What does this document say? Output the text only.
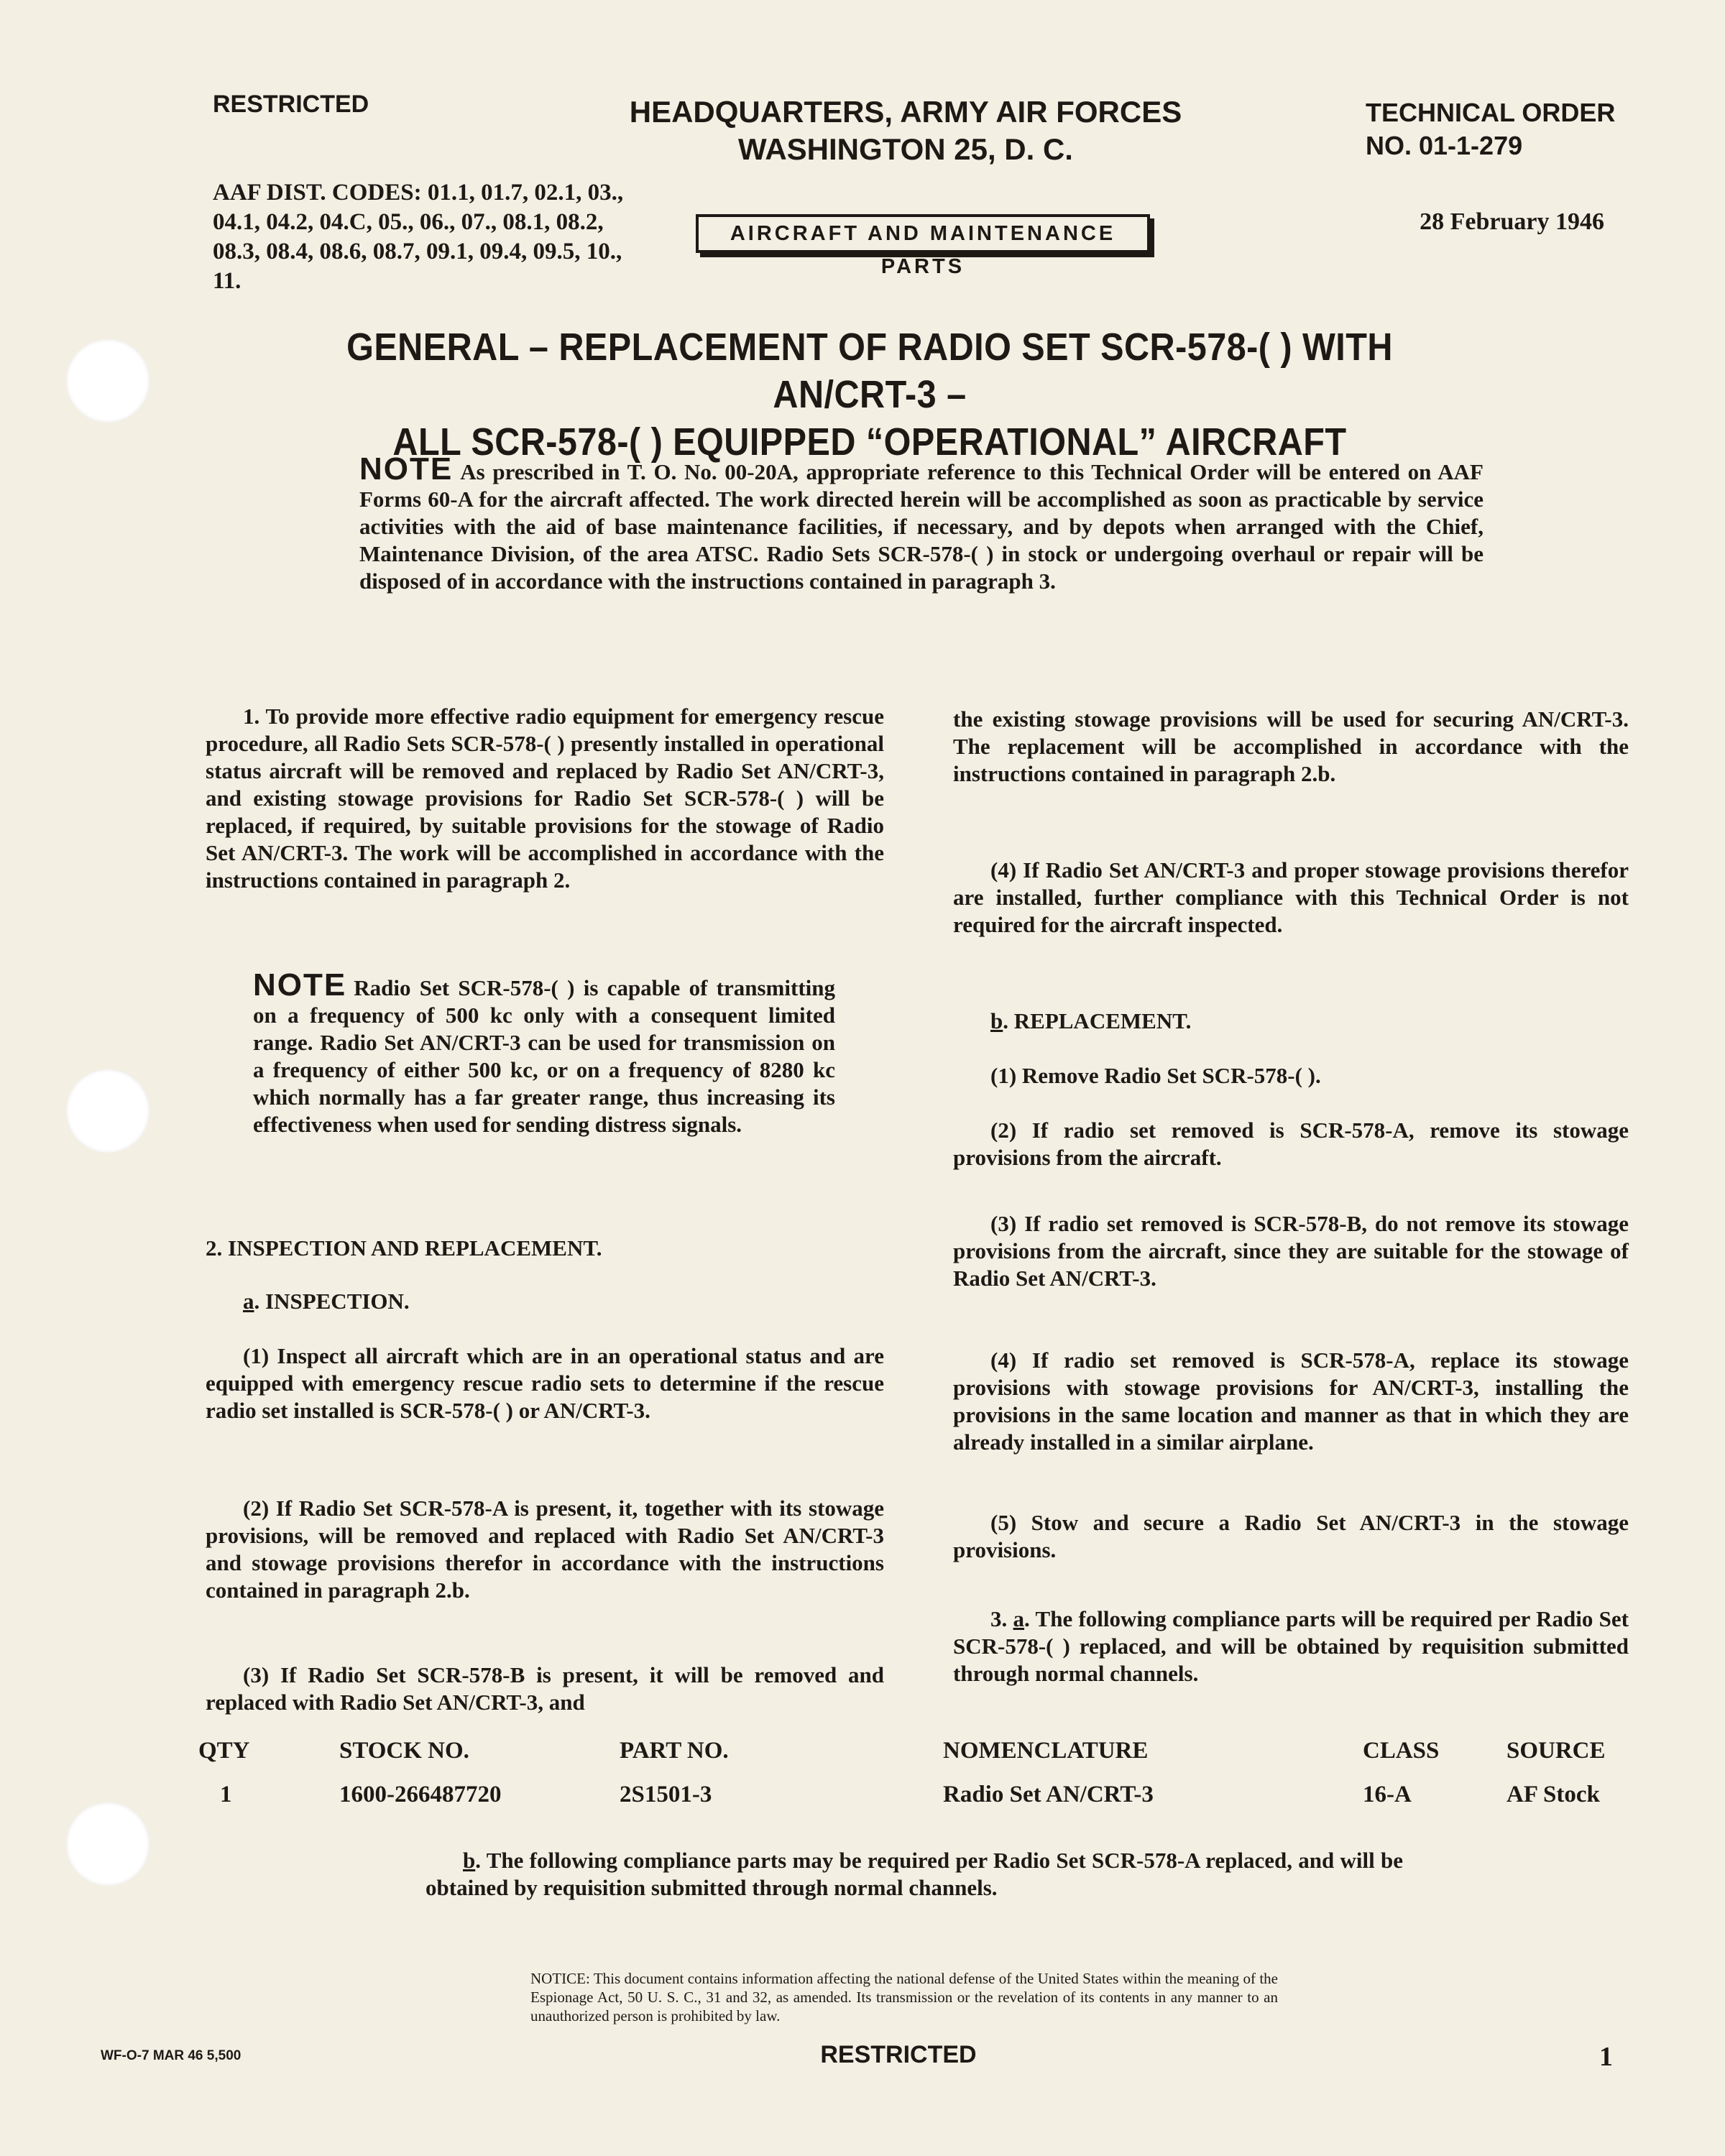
RESTRICTED	HEADQUARTERS, ARMY AIR FORCES
WASHINGTON 25, D. C.
TECHNICAL ORDER
NO. 01-1-279
AAF DIST. CODES: 01.1, 01.7, 02.1, 03., 04.1, 04.2, 04.C, 05., 06., 07., 08.1, 08.2, 08.3, 08.4, 08.6, 08.7, 09.1, 09.4, 09.5, 10., 11.
AIRCRAFT AND MAINTENANCE PARTS
28 February 1946
GENERAL – REPLACEMENT OF RADIO SET SCR-578-( ) WITH AN/CRT-3 –
ALL SCR-578-( ) EQUIPPED “OPERATIONAL” AIRCRAFT
NOTE As prescribed in T. O. No. 00-20A, appropriate reference to this Technical Order will be entered on AAF Forms 60-A for the aircraft affected. The work directed herein will be accomplished as soon as practicable by service activities with the aid of base maintenance facilities, if necessary, and by depots when arranged with the Chief, Maintenance Division, of the area ATSC. Radio Sets SCR-578-( ) in stock or undergoing overhaul or repair will be disposed of in accordance with the instructions contained in paragraph 3.
1. To provide more effective radio equipment for emergency rescue procedure, all Radio Sets SCR-578-( ) presently installed in operational status aircraft will be removed and replaced by Radio Set AN/CRT-3, and existing stowage provisions for Radio Set SCR-578-( ) will be replaced, if required, by suitable provisions for the stowage of Radio Set AN/CRT-3. The work will be accomplished in accordance with the instructions contained in paragraph 2.
NOTE Radio Set SCR-578-( ) is capable of transmitting on a frequency of 500 kc only with a consequent limited range. Radio Set AN/CRT-3 can be used for transmission on a frequency of either 500 kc, or on a frequency of 8280 kc which normally has a far greater range, thus increasing its effectiveness when used for sending distress signals.
2. INSPECTION AND REPLACEMENT.
a. INSPECTION.
(1) Inspect all aircraft which are in an operational status and are equipped with emergency rescue radio sets to determine if the rescue radio set installed is SCR-578-( ) or AN/CRT-3.
(2) If Radio Set SCR-578-A is present, it, together with its stowage provisions, will be removed and replaced with Radio Set AN/CRT-3 and stowage provisions therefor in accordance with the instructions contained in paragraph 2.b.
(3) If Radio Set SCR-578-B is present, it will be removed and replaced with Radio Set AN/CRT-3, and
the existing stowage provisions will be used for securing AN/CRT-3. The replacement will be accomplished in accordance with the instructions contained in paragraph 2.b.
(4) If Radio Set AN/CRT-3 and proper stowage provisions therefor are installed, further compliance with this Technical Order is not required for the aircraft inspected.
b. REPLACEMENT.
(1) Remove Radio Set SCR-578-( ).
(2) If radio set removed is SCR-578-A, remove its stowage provisions from the aircraft.
(3) If radio set removed is SCR-578-B, do not remove its stowage provisions from the aircraft, since they are suitable for the stowage of Radio Set AN/CRT-3.
(4) If radio set removed is SCR-578-A, replace its stowage provisions with stowage provisions for AN/CRT-3, installing the provisions in the same location and manner as that in which they are already installed in a similar airplane.
(5) Stow and secure a Radio Set AN/CRT-3 in the stowage provisions.
3. a. The following compliance parts will be required per Radio Set SCR-578-( ) replaced, and will be obtained by requisition submitted through normal channels.
QTY	STOCK NO.	PART NO.	NOMENCLATURE	CLASS	SOURCE
1	1600-266487720	2S1501-3	Radio Set AN/CRT-3	16-A	AF Stock
b. The following compliance parts may be required per Radio Set SCR-578-A replaced, and will be obtained by requisition submitted through normal channels.
NOTICE: This document contains information affecting the national defense of the United States within the meaning of the Espionage Act, 50 U. S. C., 31 and 32, as amended. Its transmission or the revelation of its contents in any manner to an unauthorized person is prohibited by law.
WF-O-7 MAR 46 5,500	RESTRICTED	1
